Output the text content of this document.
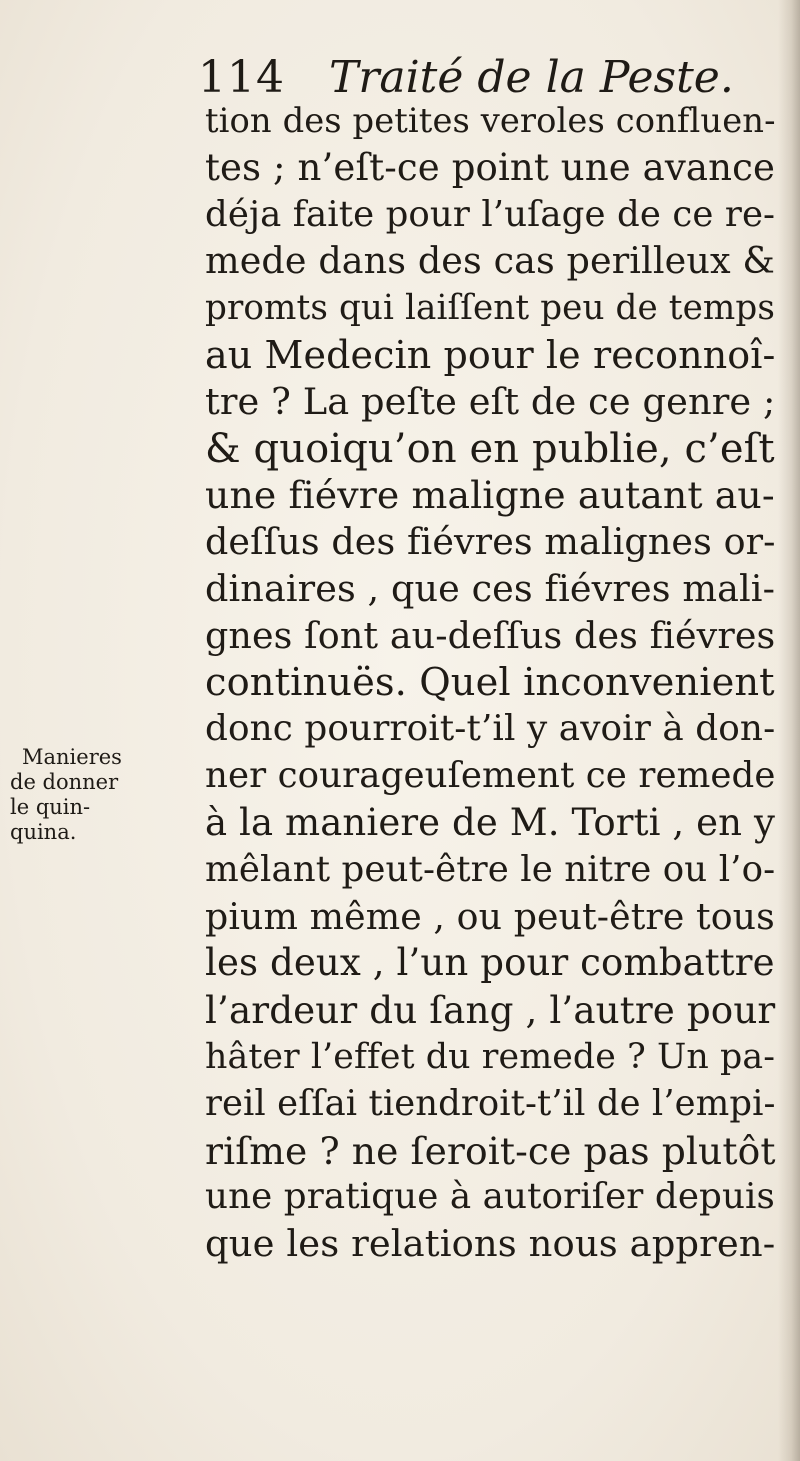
114 Traité de la Peste.
Manieres
de donner
le quin-
quina.
tion des petites veroles confluen-
tes ; n’eſt-ce point une avance
déja faite pour l’uſage de ce re-
mede dans des cas perilleux &
promts qui laiſſent peu de temps
au Medecin pour le reconnoî-
tre ? La peſte eſt de ce genre ;
& quoiqu’on en publie, c’eſt
une fiévre maligne autant au-
deſſus des fiévres malignes or-
dinaires , que ces fiévres mali-
gnes ſont au-deſſus des fiévres
continuës. Quel inconvenient
donc pourroit-t’il y avoir à don-
ner courageuſement ce remede
à la maniere de M. Torti , en y
mêlant peut-être le nitre ou l’o-
pium même , ou peut-être tous
les deux , l’un pour combattre
l’ardeur du ſang , l’autre pour
hâter l’effet du remede ? Un pa-
reil eſſai tiendroit-t’il de l’empi-
riſme ? ne ſeroit-ce pas plutôt
une pratique à autoriſer depuis
que les relations nous appren-
